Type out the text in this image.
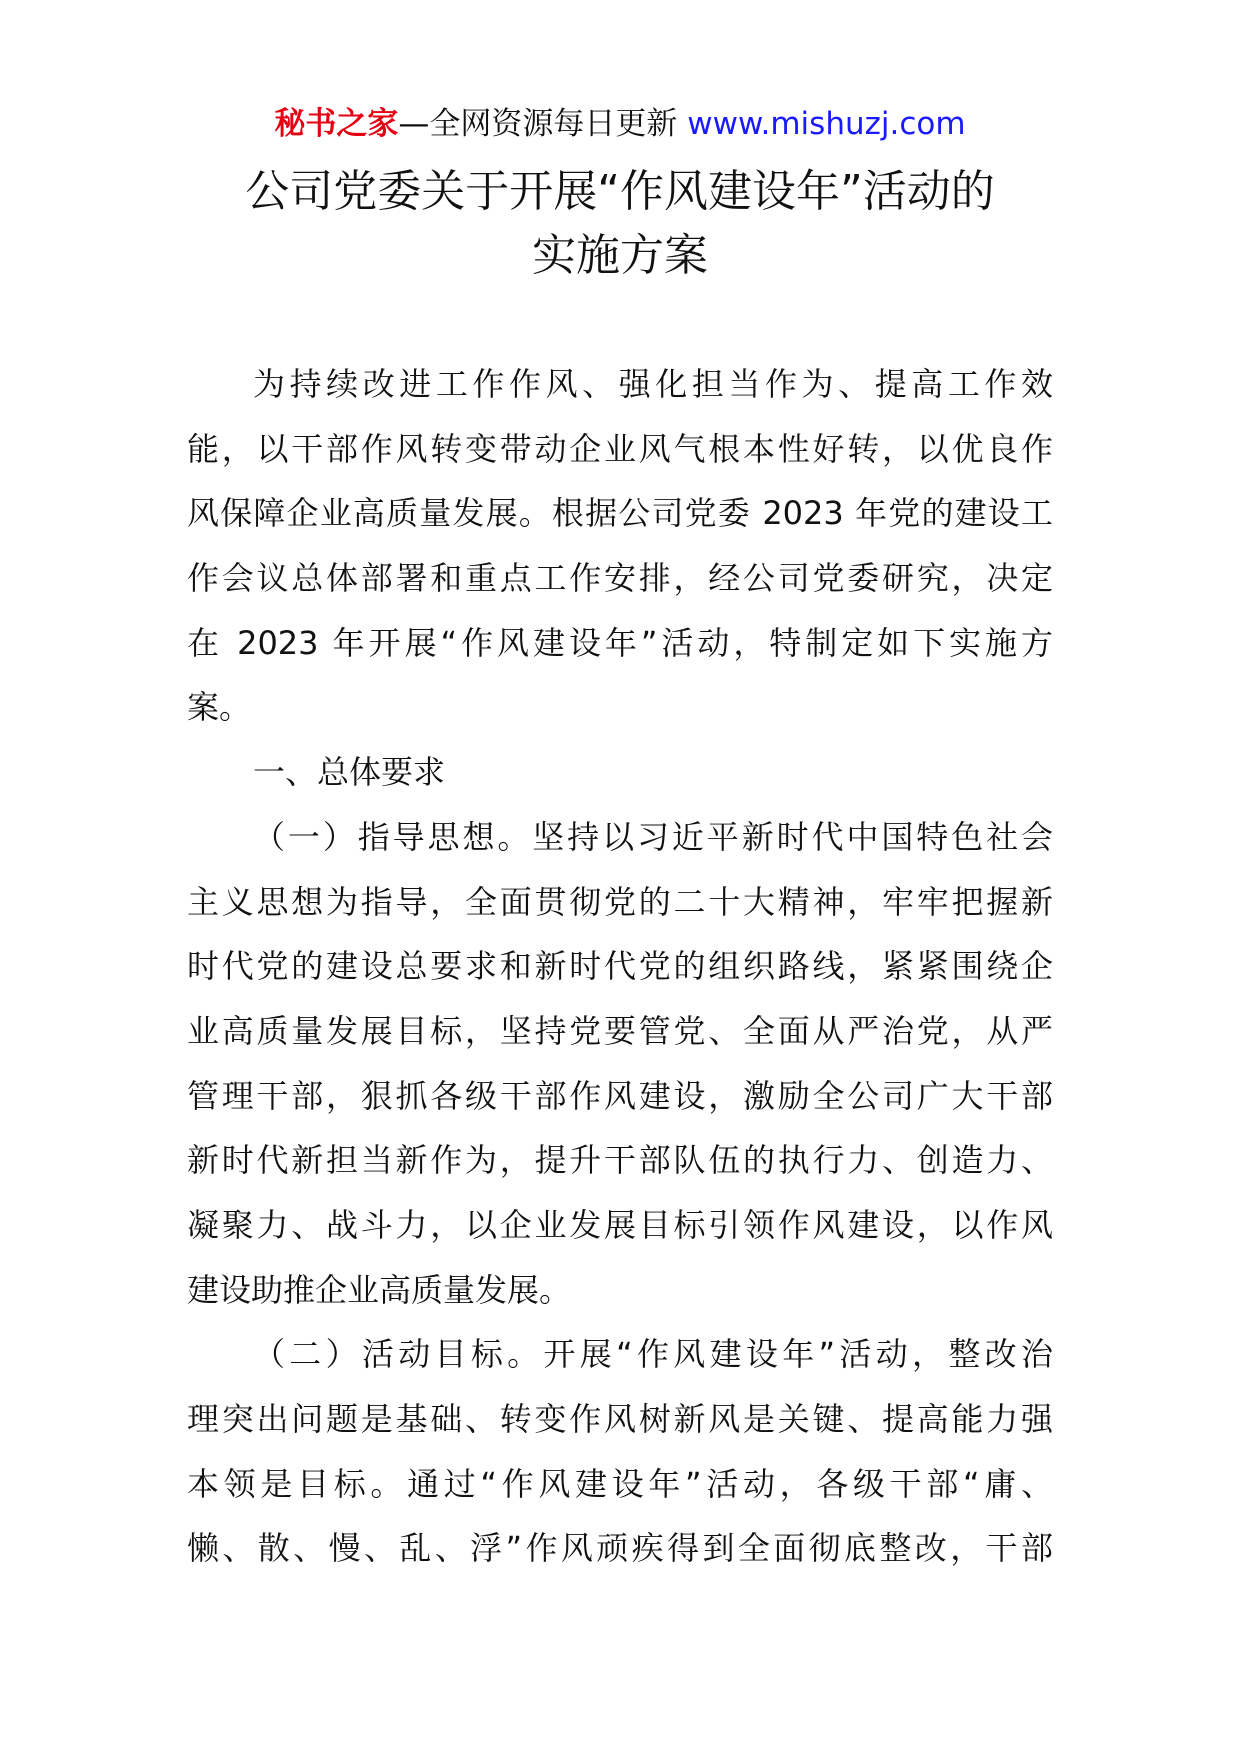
秘书之家—全网资源每日更新 www.mishuzj.com
公司党委关于开展“作风建设年”活动的
实施方案
为持续改进工作作风、强化担当作为、提高工作效
能，以干部作风转变带动企业风气根本性好转，以优良作
风保障企业高质量发展。根据公司党委 2023 年党的建设工
作会议总体部署和重点工作安排，经公司党委研究，决定
在 2023 年开展“作风建设年”活动，特制定如下实施方
案。
一、总体要求
（一）指导思想。坚持以习近平新时代中国特色社会
主义思想为指导，全面贯彻党的二十大精神，牢牢把握新
时代党的建设总要求和新时代党的组织路线，紧紧围绕企
业高质量发展目标，坚持党要管党、全面从严治党，从严
管理干部，狠抓各级干部作风建设，激励全公司广大干部
新时代新担当新作为，提升干部队伍的执行力、创造力、
凝聚力、战斗力，以企业发展目标引领作风建设，以作风
建设助推企业高质量发展。
（二）活动目标。开展“作风建设年”活动，整改治
理突出问题是基础、转变作风树新风是关键、提高能力强
本领是目标。通过“作风建设年”活动，各级干部“庸、
懒、散、慢、乱、浮”作风顽疾得到全面彻底整改，干部
